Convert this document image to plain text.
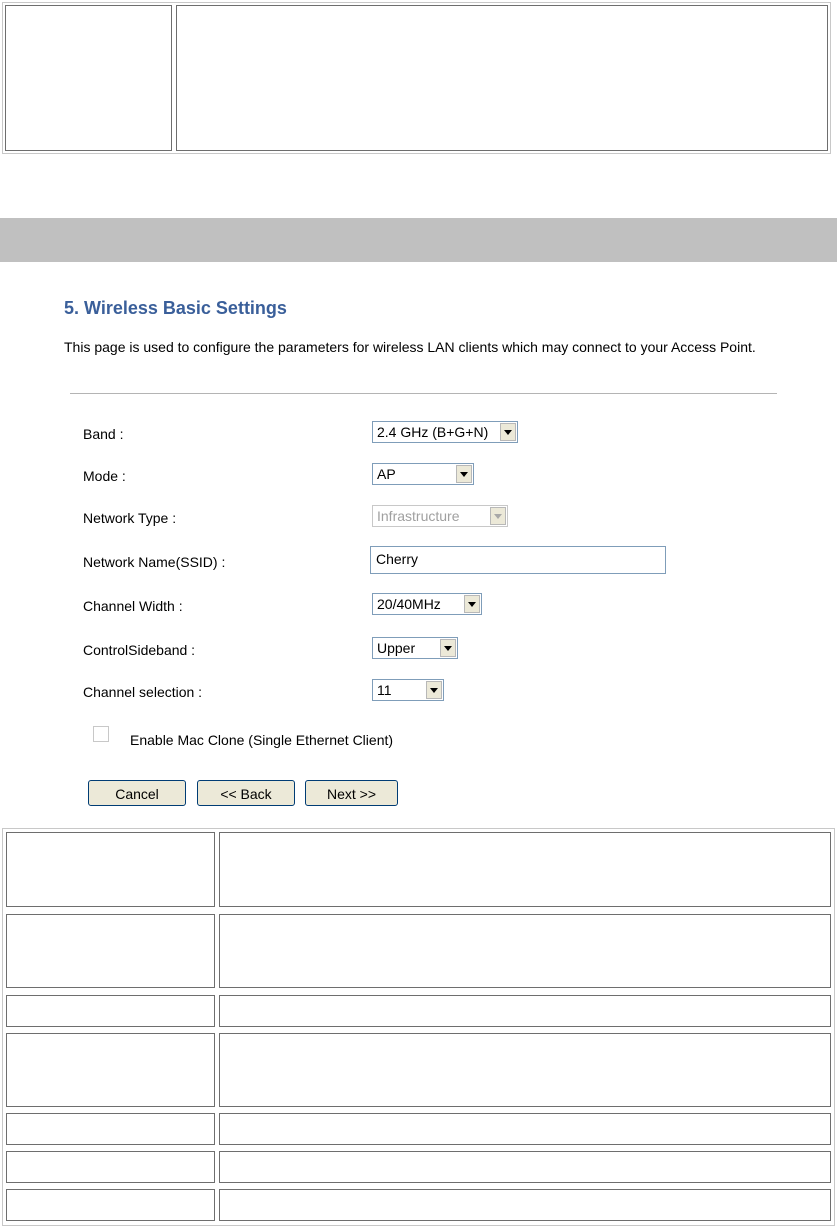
5. Wireless Basic Settings
This page is used to configure the parameters for wireless LAN clients which may connect to your Access Point.
Band :	2.4 GHz (B+G+N)
Mode :	AP
Network Type :	Infrastructure
Network Name(SSID) :	Cherry
Channel Width :	20/40MHz
ControlSideband :	Upper
Channel selection :	11
Enable Mac Clone (Single Ethernet Client)
Cancel	<< Back	Next >>
